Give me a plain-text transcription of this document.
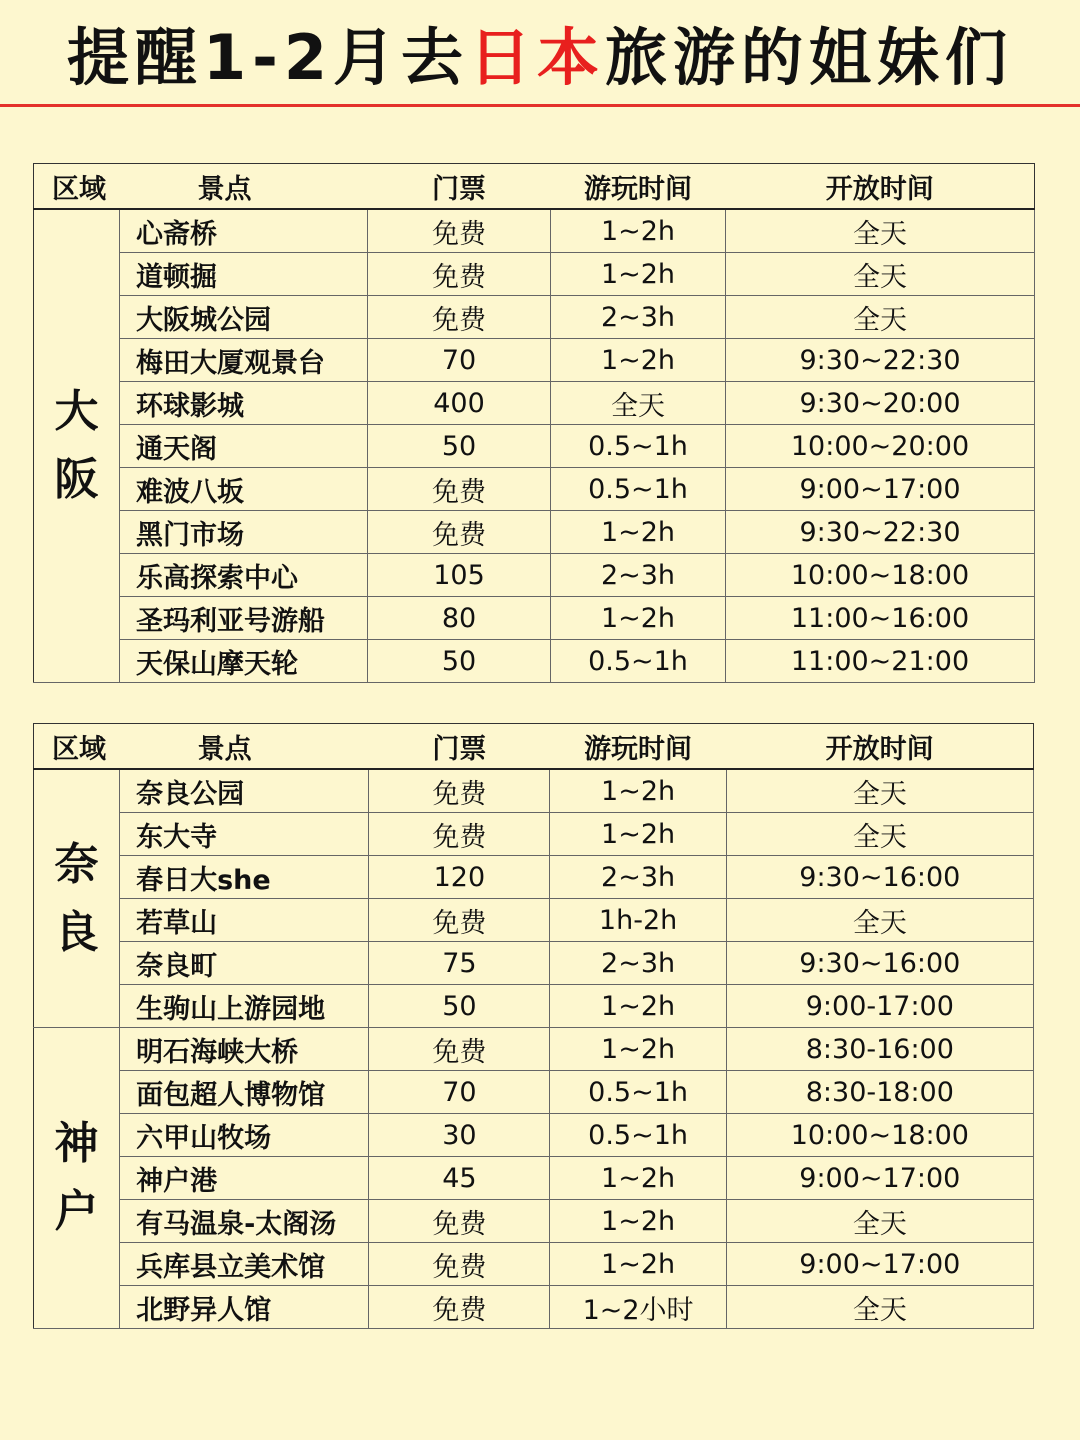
提醒1-2月去日本旅游的姐妹们
区域	景点	门票	游玩时间	开放时间

大阪	心斋桥	免费	1~2h	全天
	道顿掘	免费	1~2h	全天
	大阪城公园	免费	2~3h	全天
	梅田大厦观景台	70	1~2h	9:30~22:30
	环球影城	400	全天	9:30~20:00
	通天阁	50	0.5~1h	10:00~20:00
	难波八坂	免费	0.5~1h	9:00~17:00
	黑门市场	免费	1~2h	9:30~22:30
	乐高探索中心	105	2~3h	10:00~18:00
	圣玛利亚号游船	80	1~2h	11:00~16:00
	天保山摩天轮	50	0.5~1h	11:00~21:00
区域	景点	门票	游玩时间	开放时间

奈良	奈良公园	免费	1~2h	全天
	东大寺	免费	1~2h	全天
	春日大she	120	2~3h	9:30~16:00
	若草山	免费	1h-2h	全天
	奈良町	75	2~3h	9:30~16:00
	生驹山上游园地	50	1~2h	9:00-17:00

神户	明石海峡大桥	免费	1~2h	8:30-16:00
	面包超人博物馆	70	0.5~1h	8:30-18:00
	六甲山牧场	30	0.5~1h	10:00~18:00
	神户港	45	1~2h	9:00~17:00
	有马温泉-太阁汤	免费	1~2h	全天
	兵库县立美术馆	免费	1~2h	9:00~17:00
	北野异人馆	免费	1~2小时	全天
